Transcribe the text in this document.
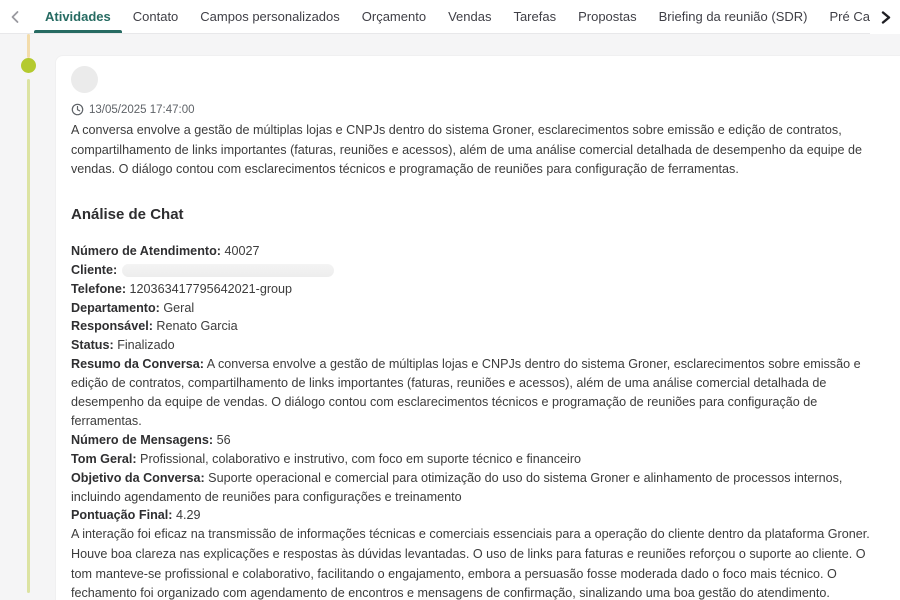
Atividades	Contato	Campos personalizados	Orçamento	Vendas	Tarefas	Propostas	Briefing da reunião (SDR)	Pré Ca
13/05/2025 17:47:00
A conversa envolve a gestão de múltiplas lojas e CNPJs dentro do sistema Groner, esclarecimentos sobre emissão e edição de contratos, compartilhamento de links importantes (faturas, reuniões e acessos), além de uma análise comercial detalhada de desempenho da equipe de vendas. O diálogo contou com esclarecimentos técnicos e programação de reuniões para configuração de ferramentas.
Análise de Chat
Número de Atendimento: 40027
Cliente:
Telefone: 120363417795642021-group
Departamento: Geral
Responsável: Renato Garcia
Status: Finalizado
Resumo da Conversa: A conversa envolve a gestão de múltiplas lojas e CNPJs dentro do sistema Groner, esclarecimentos sobre emissão e edição de contratos, compartilhamento de links importantes (faturas, reuniões e acessos), além de uma análise comercial detalhada de desempenho da equipe de vendas. O diálogo contou com esclarecimentos técnicos e programação de reuniões para configuração de ferramentas.
Número de Mensagens: 56
Tom Geral: Profissional, colaborativo e instrutivo, com foco em suporte técnico e financeiro
Objetivo da Conversa: Suporte operacional e comercial para otimização do uso do sistema Groner e alinhamento de processos internos, incluindo agendamento de reuniões para configurações e treinamento
Pontuação Final: 4.29
A interação foi eficaz na transmissão de informações técnicas e comerciais essenciais para a operação do cliente dentro da plataforma Groner. Houve boa clareza nas explicações e respostas às dúvidas levantadas. O uso de links para faturas e reuniões reforçou o suporte ao cliente. O tom manteve-se profissional e colaborativo, facilitando o engajamento, embora a persuasão fosse moderada dado o foco mais técnico. O fechamento foi organizado com agendamento de encontros e mensagens de confirmação, sinalizando uma boa gestão do atendimento.
